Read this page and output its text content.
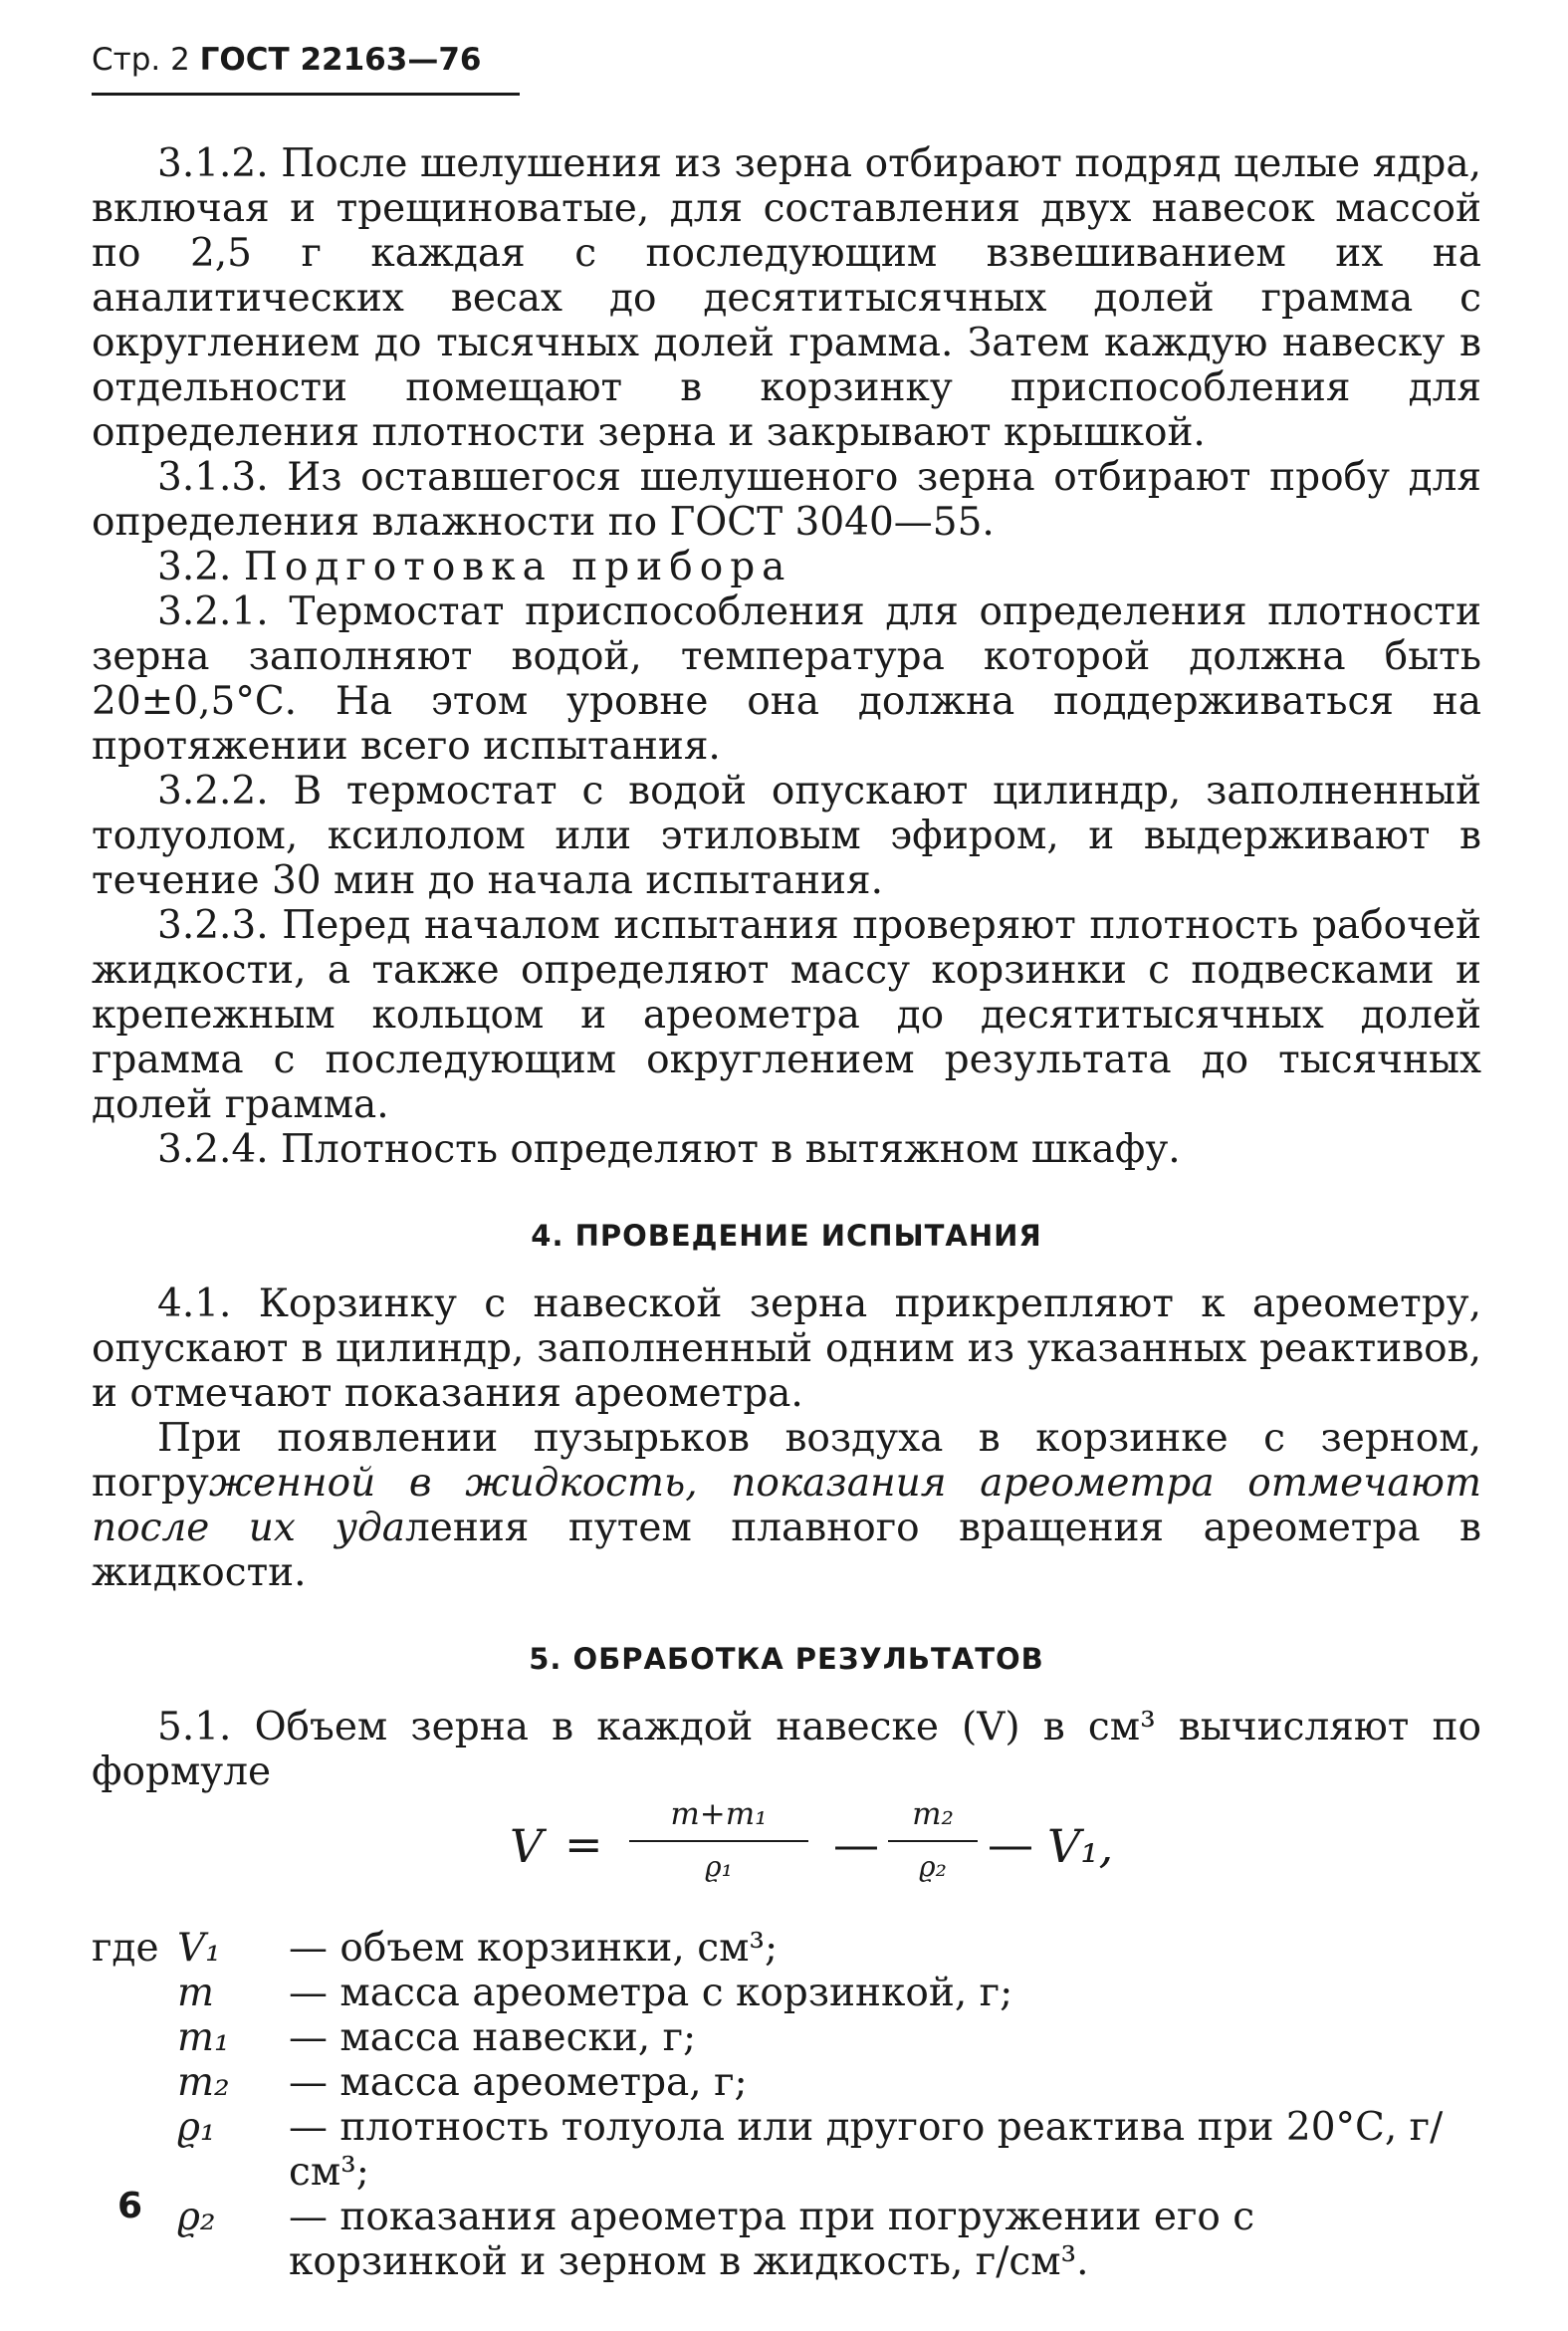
Стр. 2 ГОСТ 22163—76

3.1.2. После шелушения из зерна отбирают подряд целые ядра, включая и трещиноватые, для составления двух навесок массой по 2,5 г каждая с последующим взвешиванием их на аналитических весах до десятитысячных долей грамма с округлением до тысячных долей грамма. Затем каждую навеску в отдельности помещают в корзинку приспособления для определения плотности зерна и закрывают крышкой.

3.1.3. Из оставшегося шелушеного зерна отбирают пробу для определения влажности по ГОСТ 3040—55.

3.2. Подготовка прибора

3.2.1. Термостат приспособления для определения плотности зерна заполняют водой, температура которой должна быть 20±0,5°С. На этом уровне она должна поддерживаться на протяжении всего испытания.

3.2.2. В термостат с водой опускают цилиндр, заполненный толуолом, ксилолом или этиловым эфиром, и выдерживают в течение 30 мин до начала испытания.

3.2.3. Перед началом испытания проверяют плотность рабочей жидкости, а также определяют массу корзинки с подвесками и крепежным кольцом и ареометра до десятитысячных долей грамма с последующим округлением результата до тысячных долей грамма.

3.2.4. Плотность определяют в вытяжном шкафу.

4. ПРОВЕДЕНИЕ ИСПЫТАНИЯ

4.1. Корзинку с навеской зерна прикрепляют к ареометру, опускают в цилиндр, заполненный одним из указанных реактивов, и отмечают показания ареометра.

При появлении пузырьков воздуха в корзинке с зерном, погруженной в жидкость, показания ареометра отмечают после их удаления путем плавного вращения ареометра в жидкости.

5. ОБРАБОТКА РЕЗУЛЬТАТОВ

5.1. Объем зерна в каждой навеске (V) в см³ вычисляют по формуле

V =
m+m₁
ϱ₁	—
m₂
ϱ₂ — V₁,
где V₁	— объем корзинки, см³;
m	— масса ареометра с корзинкой, г;
m₁	— масса навески, г;
m₂	— масса ареометра, г;
ϱ₁	— плотность толуола или другого реактива при 20°С, г/см³;
ϱ₂	— показания ареометра при погружении его с корзинкой и зерном в жидкость, г/см³.
6
